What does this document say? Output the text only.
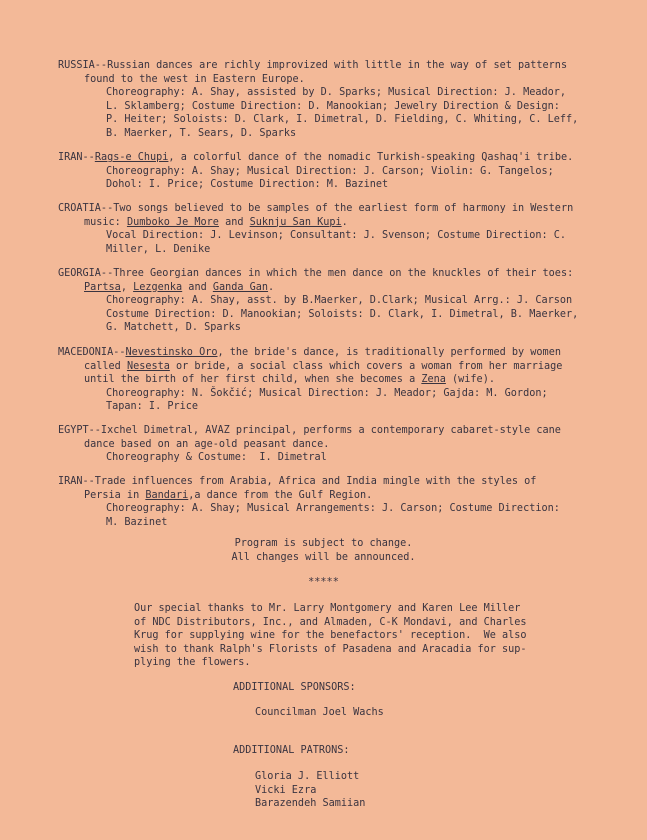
RUSSIA--Russian dances are richly improvized with little in the way of set patterns
found to the west in Eastern Europe.
Choreography: A. Shay, assisted by D. Sparks; Musical Direction: J. Meador,
L. Sklamberg; Costume Direction: D. Manookian; Jewelry Direction & Design:
P. Heiter; Soloists: D. Clark, I. Dimetral, D. Fielding, C. Whiting, C. Leff,
B. Maerker, T. Sears, D. Sparks
IRAN--Rags-e Chupi, a colorful dance of the nomadic Turkish-speaking Qashaq'i tribe.
Choreography: A. Shay; Musical Direction: J. Carson; Violin: G. Tangelos;
Dohol: I. Price; Costume Direction: M. Bazinet
CROATIA--Two songs believed to be samples of the earliest form of harmony in Western
music: Dumboko Je More and Suknju San Kupi.
Vocal Direction: J. Levinson; Consultant: J. Svenson; Costume Direction: C.
Miller, L. Denike
GEORGIA--Three Georgian dances in which the men dance on the knuckles of their toes:
Partsa, Lezgenka and Ganda Gan.
Choreography: A. Shay, asst. by B.Maerker, D.Clark; Musical Arrg.: J. Carson
Costume Direction: D. Manookian; Soloists: D. Clark, I. Dimetral, B. Maerker,
G. Matchett, D. Sparks
MACEDONIA--Nevestinsko Oro, the bride's dance, is traditionally performed by women
called Nesesta or bride, a social class which covers a woman from her marriage
until the birth of her first child, when she becomes a Zena (wife).
Choreography: N. Šokčić; Musical Direction: J. Meador; Gajda: M. Gordon;
Tapan: I. Price
EGYPT--Ixchel Dimetral, AVAZ principal, performs a contemporary cabaret-style cane
dance based on an age-old peasant dance.
Choreography & Costume:  I. Dimetral
IRAN--Trade influences from Arabia, Africa and India mingle with the styles of
Persia in Bandari,a dance from the Gulf Region.
Choreography: A. Shay; Musical Arrangements: J. Carson; Costume Direction:
M. Bazinet
Program is subject to change.
All changes will be announced.
*****
Our special thanks to Mr. Larry Montgomery and Karen Lee Miller
of NDC Distributors, Inc., and Almaden, C-K Mondavi, and Charles
Krug for supplying wine for the benefactors' reception.  We also
wish to thank Ralph's Florists of Pasadena and Aracadia for sup-
plying the flowers.
ADDITIONAL SPONSORS:
Councilman Joel Wachs
ADDITIONAL PATRONS:
Gloria J. Elliott
Vicki Ezra
Barazendeh Samiian
